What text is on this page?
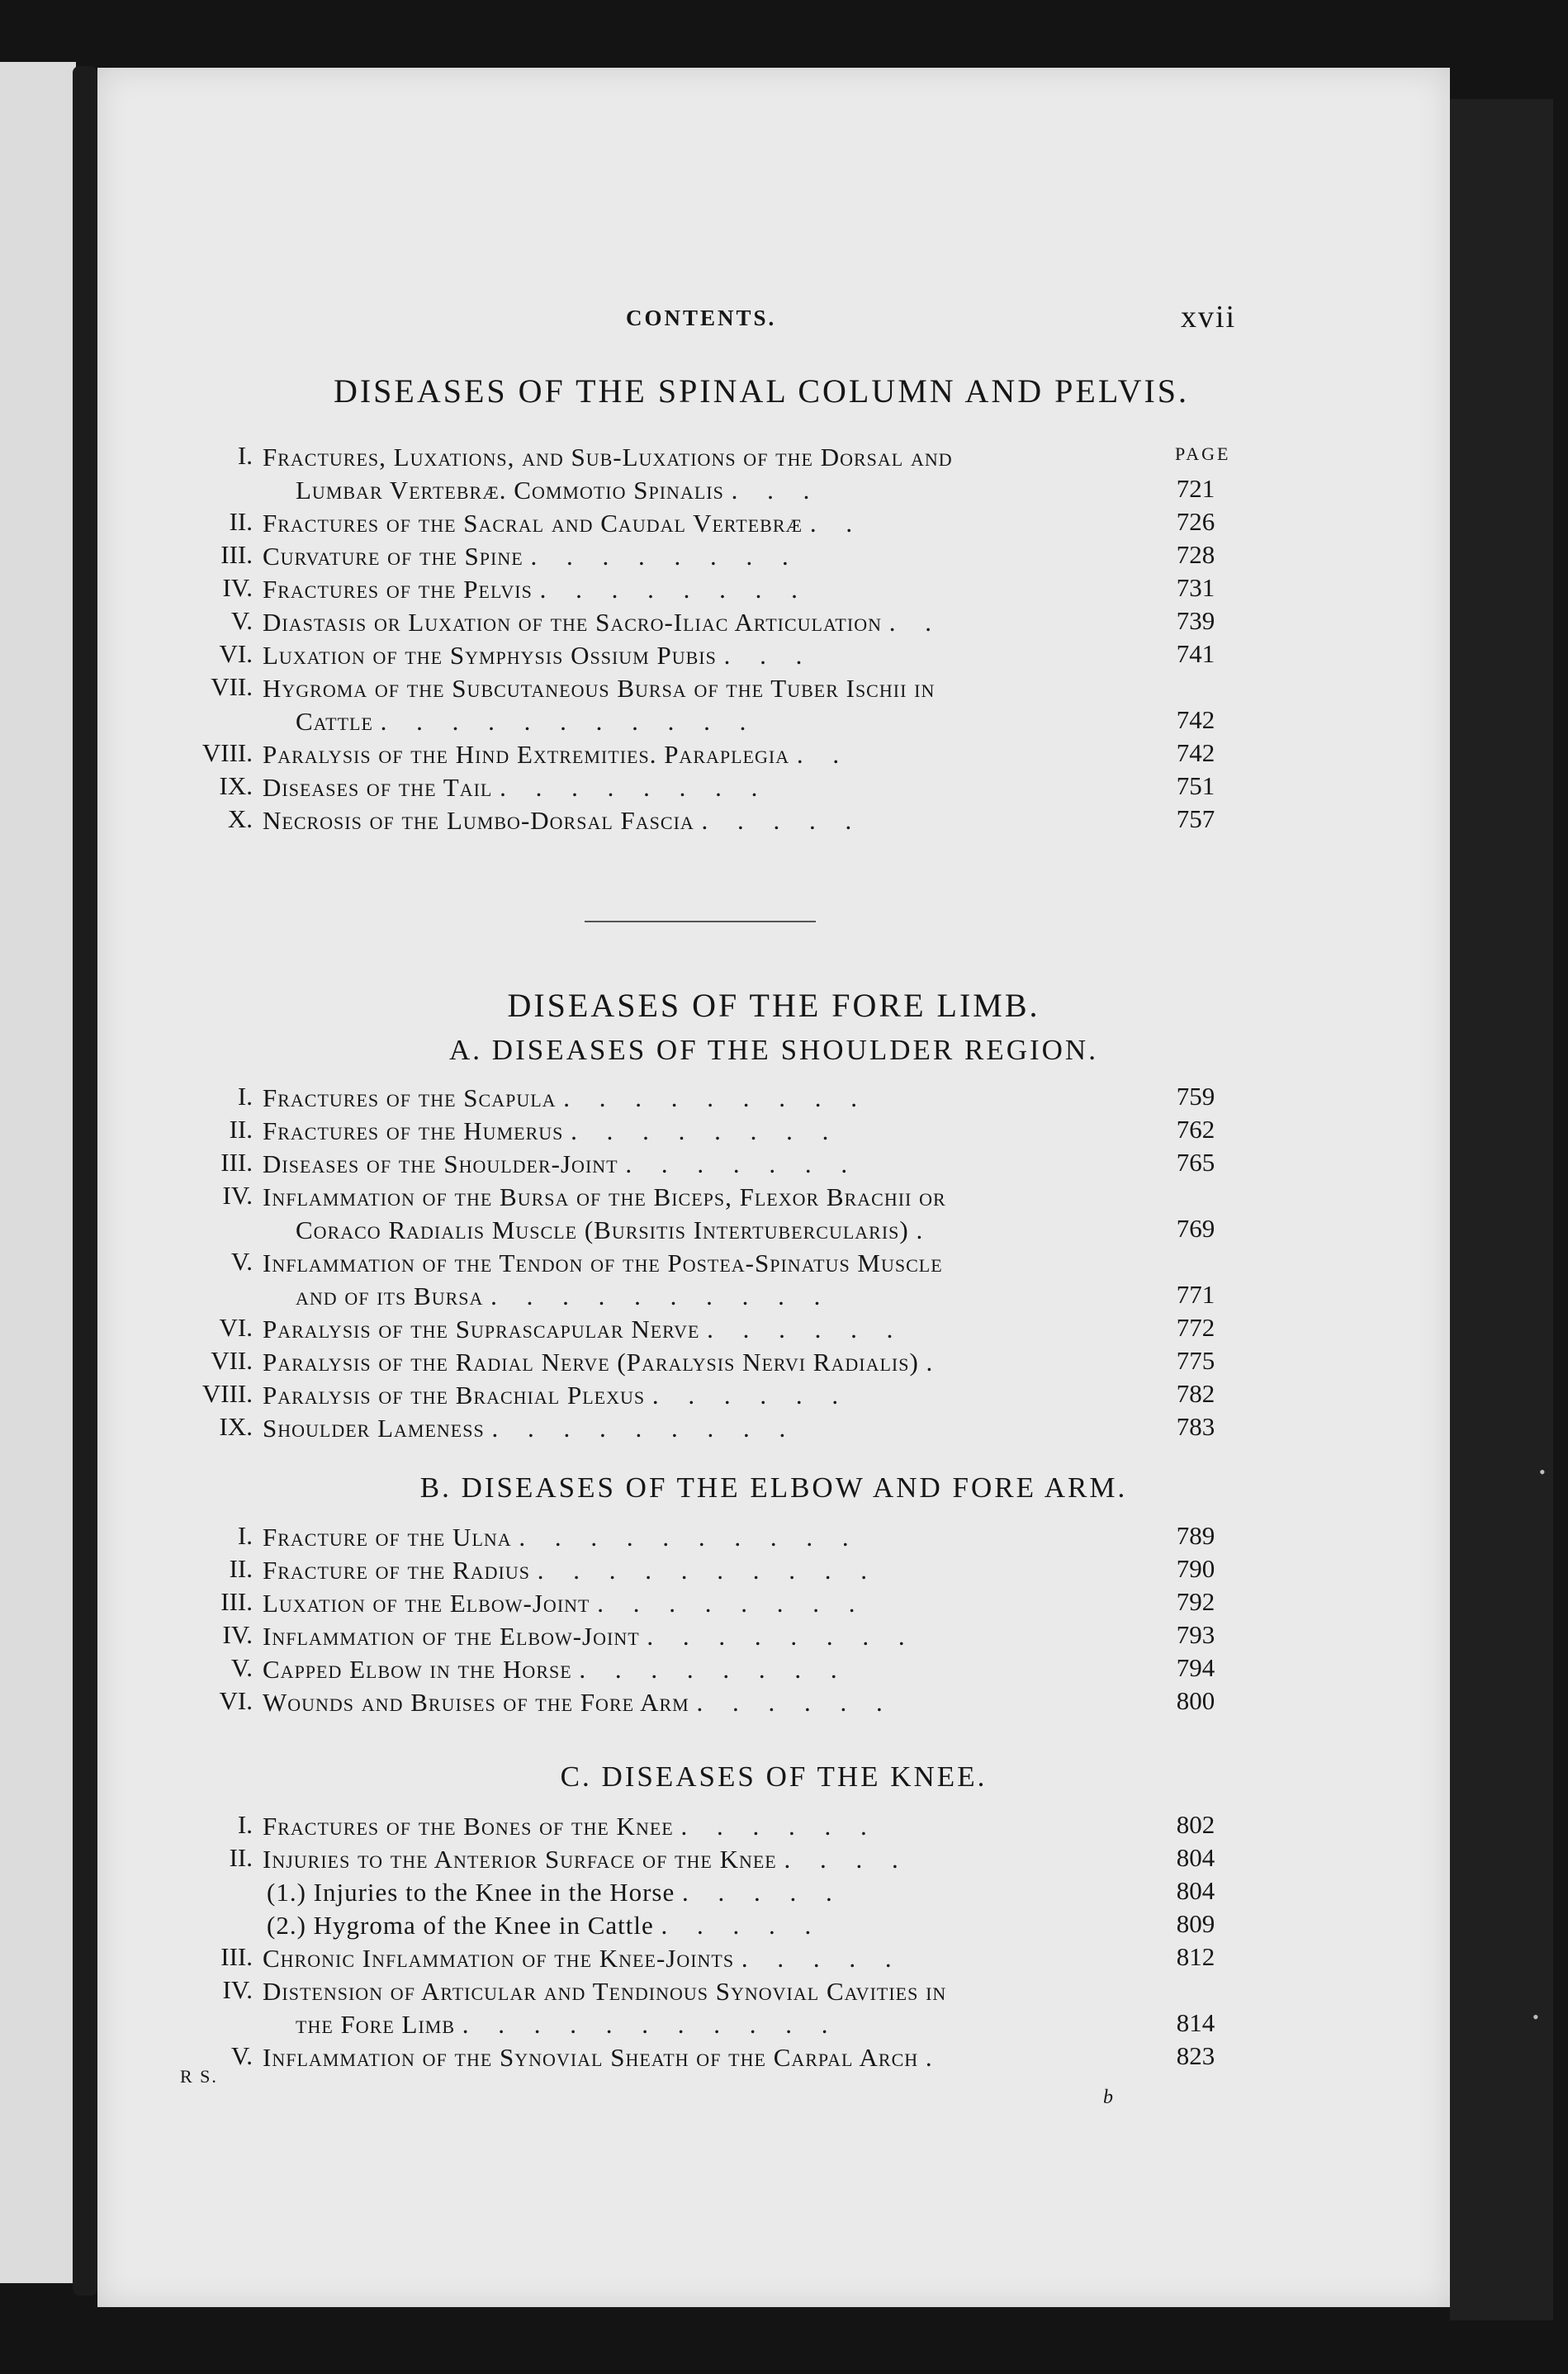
•
•
CONTENTS.	xvii
DISEASES OF THE SPINAL COLUMN AND PELVIS.
PAGE
I. Fractures, Luxations, and Sub-Luxations of the Dorsal and
Lumbar Vertebræ. Commotio Spinalis . . .	721
II. Fractures of the Sacral and Caudal Vertebræ . .	726
III. Curvature of the Spine . . . . . . . .	728
IV. Fractures of the Pelvis . . . . . . . .	731
V. Diastasis or Luxation of the Sacro-Iliac Articulation . .	739
VI. Luxation of the Symphysis Ossium Pubis . . .	741
VII. Hygroma of the Subcutaneous Bursa of the Tuber Ischii in
Cattle . . . . . . . . . . .	742
VIII. Paralysis of the Hind Extremities. Paraplegia . .	742
IX. Diseases of the Tail . . . . . . . .	751
X. Necrosis of the Lumbo-Dorsal Fascia . . . . .	757
DISEASES OF THE FORE LIMB.
A. DISEASES OF THE SHOULDER REGION.
I. Fractures of the Scapula . . . . . . . . .	759
II. Fractures of the Humerus . . . . . . . .	762
III. Diseases of the Shoulder-Joint . . . . . . .	765
IV. Inflammation of the Bursa of the Biceps, Flexor Brachii or
Coraco Radialis Muscle (Bursitis Intertubercularis) .	769
V. Inflammation of the Tendon of the Postea-Spinatus Muscle
and of its Bursa . . . . . . . . . .	771
VI. Paralysis of the Suprascapular Nerve . . . . . .	772
VII. Paralysis of the Radial Nerve (Paralysis Nervi Radialis) .	775
VIII. Paralysis of the Brachial Plexus . . . . . .	782
IX. Shoulder Lameness . . . . . . . . .	783
B. DISEASES OF THE ELBOW AND FORE ARM.
I. Fracture of the Ulna . . . . . . . . . .	789
II. Fracture of the Radius . . . . . . . . . .	790
III. Luxation of the Elbow-Joint . . . . . . . .	792
IV. Inflammation of the Elbow-Joint . . . . . . . .	793
V. Capped Elbow in the Horse . . . . . . . .	794
VI. Wounds and Bruises of the Fore Arm . . . . . .	800
C. DISEASES OF THE KNEE.
I. Fractures of the Bones of the Knee . . . . . .	802
II. Injuries to the Anterior Surface of the Knee . . . .	804
(1.) Injuries to the Knee in the Horse . . . . .	804
(2.) Hygroma of the Knee in Cattle . . . . .	809
III. Chronic Inflammation of the Knee-Joints . . . . .	812
IV. Distension of Articular and Tendinous Synovial Cavities in
the Fore Limb . . . . . . . . . . .	814
V. Inflammation of the Synovial Sheath of the Carpal Arch .	823
R S.
b
